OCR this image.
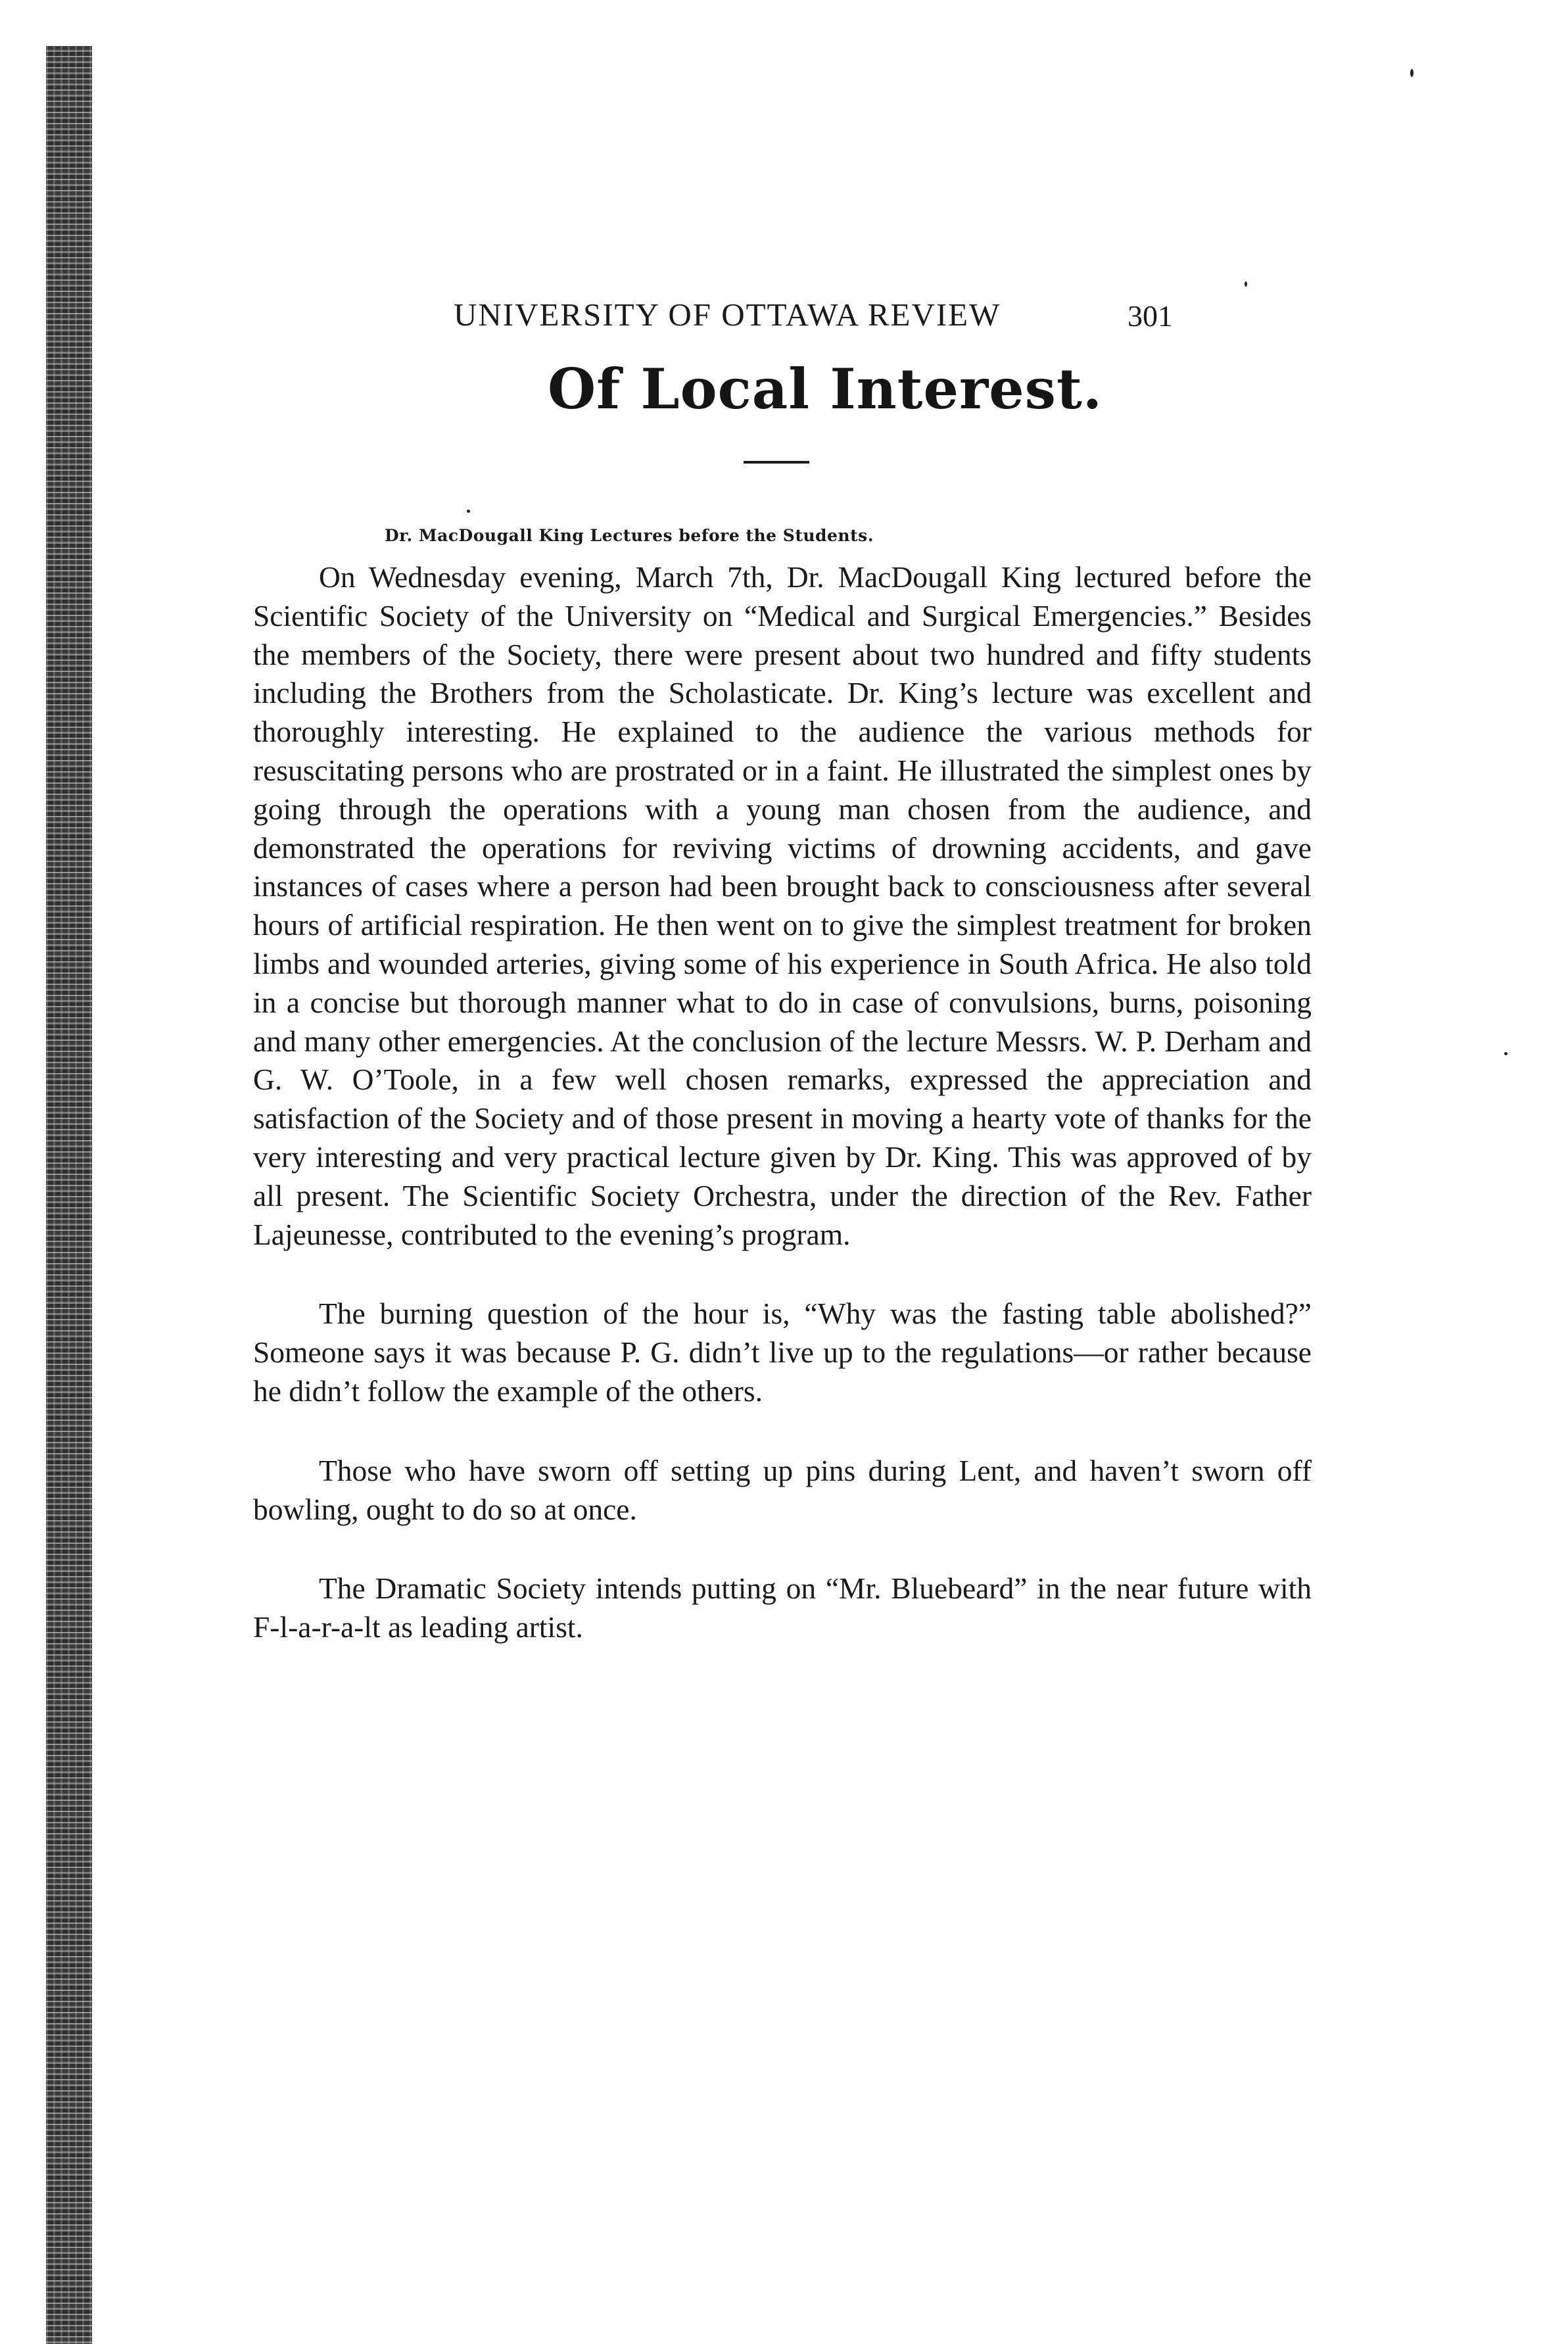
UNIVERSITY OF OTTAWA REVIEW	301
Of Local Interest.
Dr. MacDougall King Lectures before the Students.

On Wednesday evening, March 7th, Dr. MacDougall King lectured before the Scientific Society of the University on “Medical and Surgical Emergencies.” Besides the members of the Society, there were present about two hundred and fifty students including the Brothers from the Scholasticate. Dr. King’s lecture was excellent and thoroughly interesting. He explained to the audience the various methods for resuscitating persons who are prostrated or in a faint. He illustrated the simplest ones by going through the operations with a young man chosen from the audience, and demonstrated the operations for reviving victims of drowning accidents, and gave instances of cases where a person had been brought back to consciousness after several hours of artificial respiration. He then went on to give the simplest treatment for broken limbs and wounded arteries, giving some of his experience in South Africa. He also told in a concise but thorough manner what to do in case of convulsions, burns, poisoning and many other emergencies. At the conclusion of the lecture Messrs. W. P. Derham and G. W. O’Toole, in a few well chosen remarks, expressed the appreciation and satisfaction of the Society and of those present in moving a hearty vote of thanks for the very interesting and very practical lecture given by Dr. King. This was approved of by all present. The Scientific Society Orchestra, under the direction of the Rev. Father Lajeunesse, contributed to the evening’s program.

The burning question of the hour is, “Why was the fasting table abolished?” Someone says it was because P. G. didn’t live up to the regulations—or rather because he didn’t follow the example of the others.

Those who have sworn off setting up pins during Lent, and haven’t sworn off bowling, ought to do so at once.

The Dramatic Society intends putting on “Mr. Bluebeard” in the near future with F-l-a-r-a-lt as leading artist.
